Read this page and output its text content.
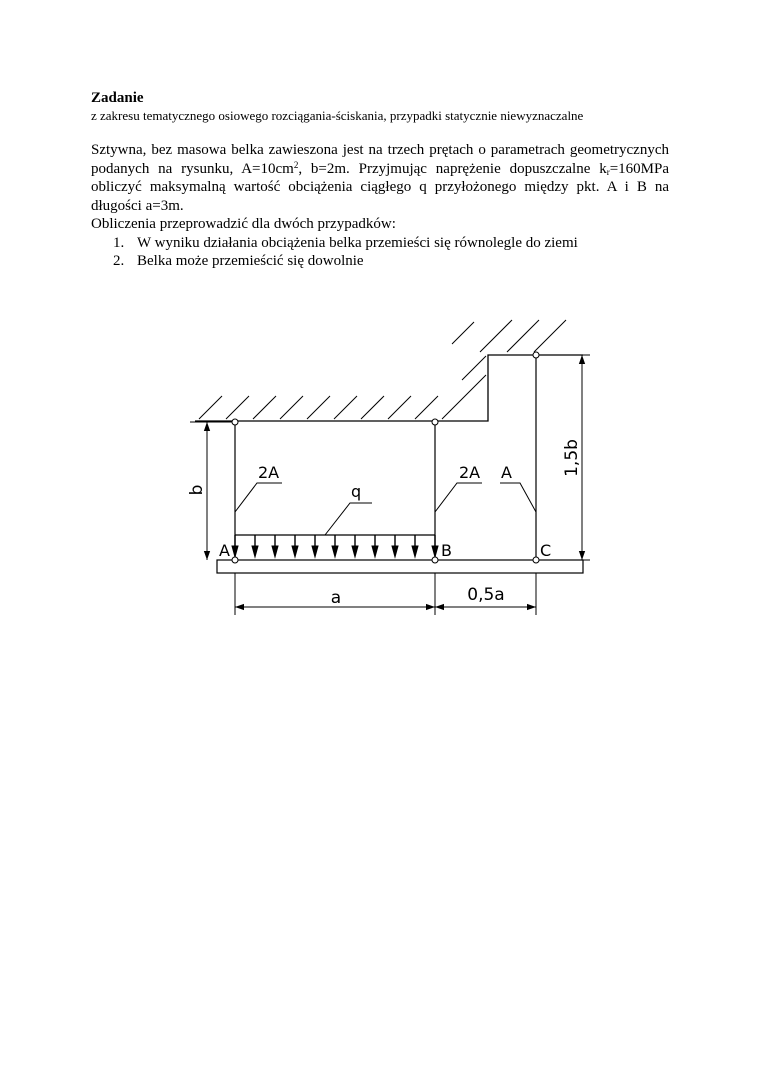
Zadanie
z zakresu tematycznego osiowego rozciągania-ściskania, przypadki statycznie niewyznaczalne
Sztywna, bez masowa belka zawieszona jest na trzech prętach o parametrach geometrycznych podanych na rysunku, $A=10cm^2$, b=2m. Przyjmując naprężenie dopuszczalne $k_r=160MPa$ obliczyć maksymalną wartość obciążenia ciągłego q przyłożonego między pkt. A i B na długości a=3m.
Obliczenia przeprowadzić dla dwóch przypadków:
1. W wyniku działania obciążenia belka przemieści się równolegle do ziemi
2. Belka może przemieścić się dowolnie
2A	2A A
q
A	B	C
b
1,5b
a	0,5a
